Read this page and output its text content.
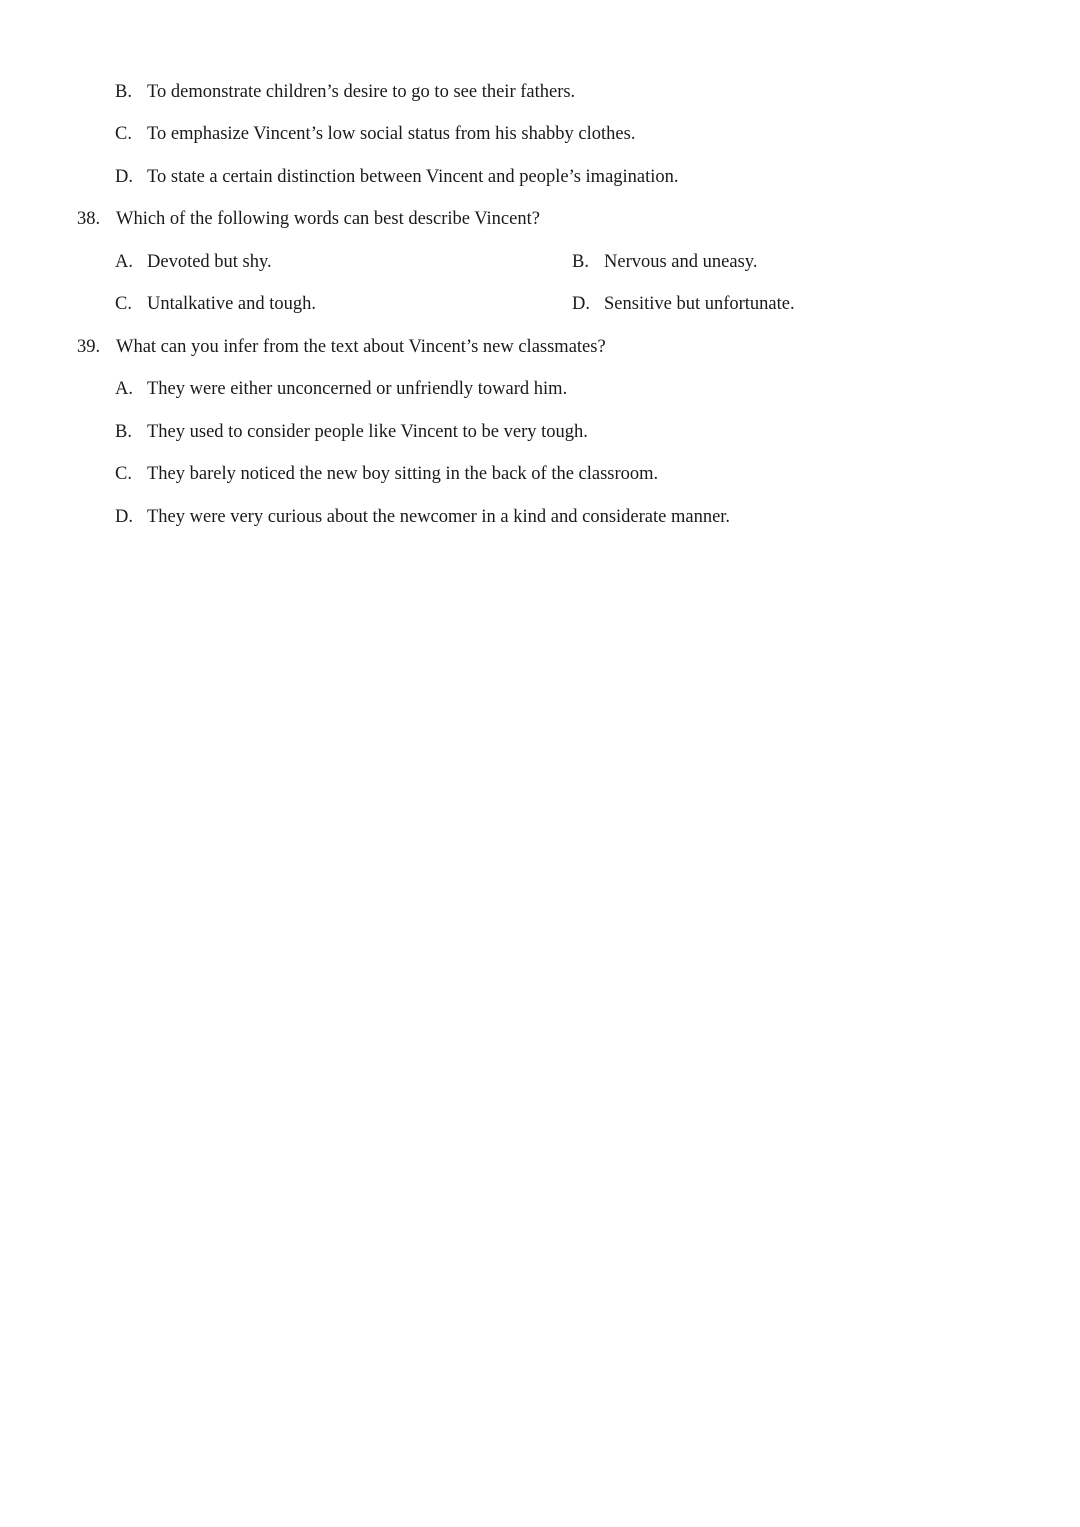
B. To demonstrate children’s desire to go to see their fathers.
C. To emphasize Vincent’s low social status from his shabby clothes.
D. To state a certain distinction between Vincent and people’s imagination.
38. Which of the following words can best describe Vincent?
A. Devoted but shy.	B. Nervous and uneasy.
C. Untalkative and tough.	D. Sensitive but unfortunate.
39. What can you infer from the text about Vincent’s new classmates?
A. They were either unconcerned or unfriendly toward him.
B. They used to consider people like Vincent to be very tough.
C. They barely noticed the new boy sitting in the back of the classroom.
D. They were very curious about the newcomer in a kind and considerate manner.
